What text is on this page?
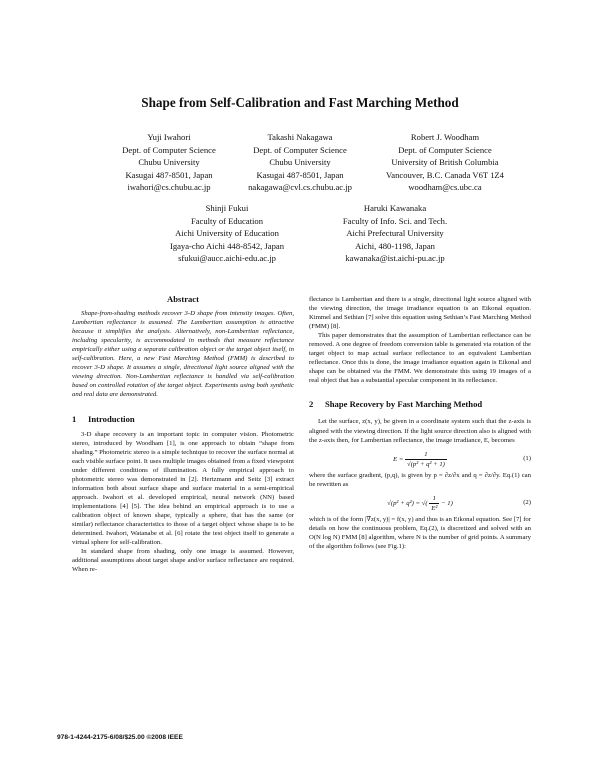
Shape from Self-Calibration and Fast Marching Method
Yuji Iwahori
Dept. of Computer Science
Chubu University
Kasugai 487-8501, Japan
iwahori@cs.chubu.ac.jp
Takashi Nakagawa
Dept. of Computer Science
Chubu University
Kasugai 487-8501, Japan
nakagawa@cvl.cs.chubu.ac.jp
Robert J. Woodham
Dept. of Computer Science
University of British Columbia
Vancouver, B.C. Canada V6T 1Z4
woodham@cs.ubc.ca
Shinji Fukui
Faculty of Education
Aichi University of Education
Igaya-cho Aichi 448-8542, Japan
sfukui@aucc.aichi-edu.ac.jp
Haruki Kawanaka
Faculty of Info. Sci. and Tech.
Aichi Prefectural University
Aichi, 480-1198, Japan
kawanaka@ist.aichi-pu.ac.jp
Abstract

Shape-from-shading methods recover 3-D shape from intensity images. Often, Lambertian reflectance is assumed. The Lambertian assumption is attractive because it simplifies the analysis. Alternatively, non-Lambertian reflectance, including specularity, is accommodated in methods that measure reflectance empirically either using a separate calibration object or the target object itself, in self-calibration. Here, a new Fast Marching Method (FMM) is described to recover 3-D shape. It assumes a single, directional light source aligned with the viewing direction. Non-Lambertian reflectance is handled via self-calibration based on controlled rotation of the target object. Experiments using both synthetic and real data are demonstrated.

1 Introduction

3-D shape recovery is an important topic in computer vision. Photometric stereo, introduced by Woodham [1], is one approach to obtain “shape from shading.” Photometric stereo is a simple technique to recover the surface normal at each visible surface point. It uses multiple images obtained from a fixed viewpoint under different conditions of illumination. A fully empirical approach to photometric stereo was demonstrated in [2]. Hertzmann and Seitz [3] extract information both about surface shape and surface material in a semi-empirical approach. Iwahori et al. developed empirical, neural network (NN) based implementations [4] [5]. The idea behind an empirical approach is to use a calibration object of known shape, typically a sphere, that has the same (or similar) reflectance characteristics to those of a target object whose shape is to be determined. Iwahori, Watanabe et al. [6] rotate the test object itself to generate a virtual sphere for self-calibration.

In standard shape from shading, only one image is assumed. However, additional assumptions about target shape and/or surface reflectance are required. When re-

flectance is Lambertian and there is a single, directional light source aligned with the viewing direction, the image irradiance equation is an Eikonal equation. Kimmel and Sethian [7] solve this equation using Sethian’s Fast Marching Method (FMM) [8].

This paper demonstrates that the assumption of Lambertian reflectance can be removed. A one degree of freedom conversion table is generated via rotation of the target object to map actual surface reflectance to an equivalent Lambertian reflectance. Once this is done, the image irradiance equation again is Eikonal and shape can be obtained via the FMM. We demonstrate this using 19 images of a real object that has a substantial specular component in its reflectance.

2 Shape Recovery by Fast Marching Method

Let the surface, z(x, y), be given in a coordinate system such that the z-axis is aligned with the viewing direction. If the light source direction also is aligned with the z-axis then, for Lambertian reflectance, the image irradiance, E, becomes

$E = \frac{1}{\text{√(p² + q² + 1)}}$	(1)

where the surface gradient, (p,q), is given by p = ∂z/∂x and q = ∂z/∂y. Eq.(1) can be rewritten as

√(p² + q²) = √( $\frac{1}{\text{E²}} - 1$)	(2)

which is of the form |∇z(x, y)| = f(x, y) and thus is an Eikonal equation. See [7] for details on how the continuous problem, Eq.(2), is discretized and solved with an O(N log N) FMM [8] algorithm, where N is the number of grid points. A summary of the algorithm follows (see Fig.1):

978-1-4244-2175-6/08/$25.00 ©2008 IEEE
